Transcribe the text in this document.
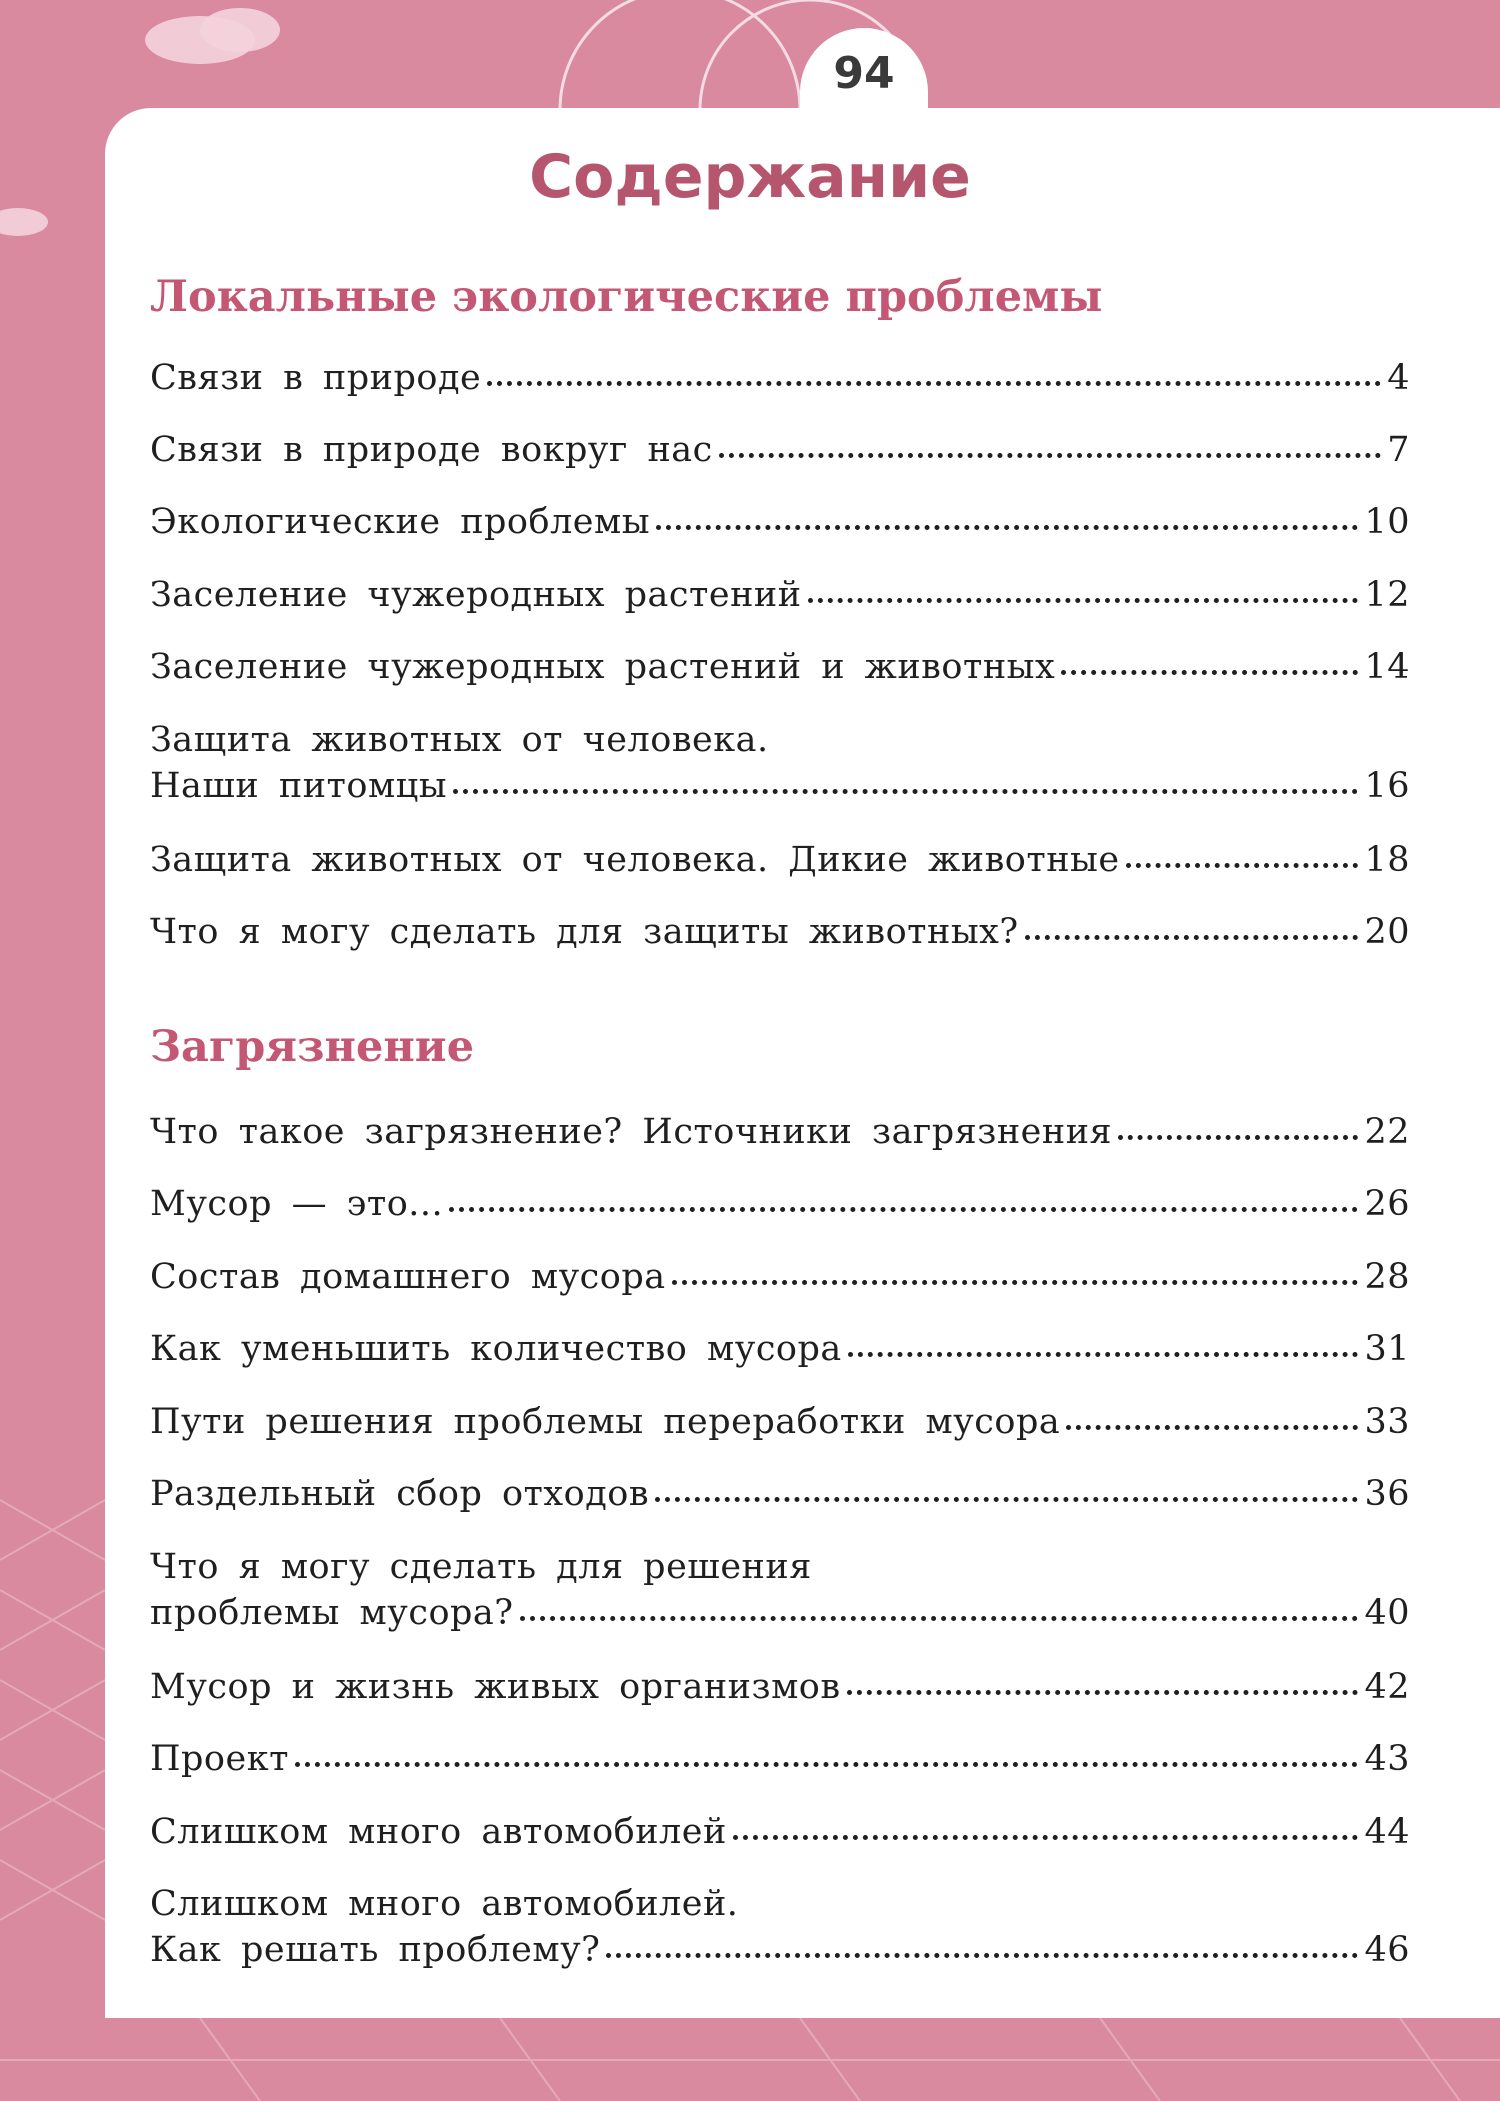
94
Содержание
Локальные экологические проблемы
Связи в природе	4
Связи в природе вокруг нас	7
Экологические проблемы	10
Заселение чужеродных растений	12
Заселение чужеродных растений и животных	14
Защита животных от человека.
Наши питомцы	16
Защита животных от человека. Дикие животные	18
Что я могу сделать для защиты животных?	20
Загрязнение
Что такое загрязнение? Источники загрязнения	22
Мусор — это...	26
Состав домашнего мусора	28
Как уменьшить количество мусора	31
Пути решения проблемы переработки мусора	33
Раздельный сбор отходов	36
Что я могу сделать для решения
проблемы мусора?	40
Мусор и жизнь живых организмов	42
Проект	43
Слишком много автомобилей	44
Слишком много автомобилей.
Как решать проблему?	46
